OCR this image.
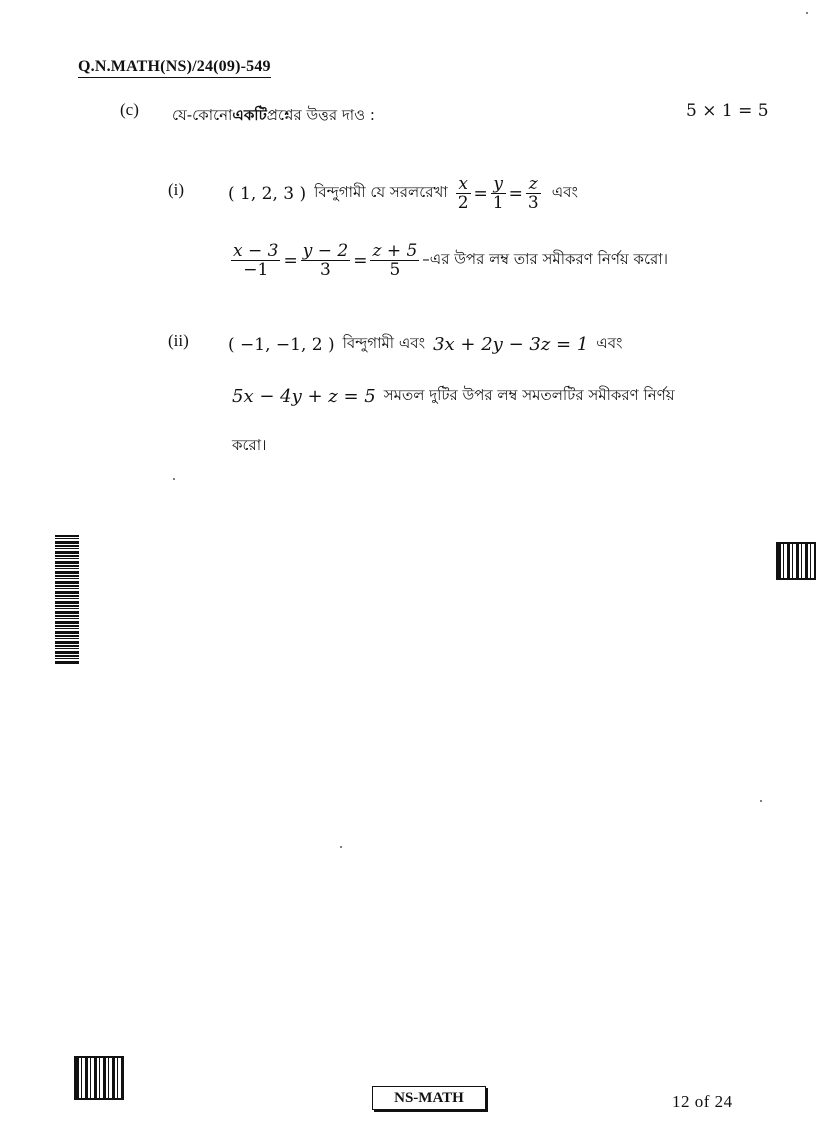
Q.N.MATH(NS)/24(09)-549
(c) যে-কোনো একটি প্রশ্নের উত্তর দাও :	5 × 1 = 5
(i)	( 1, 2, 3 ) বিন্দুগামী যে সরলরেখা $\frac{x}{2} = \frac{y}{1} = \frac{z}{3}$ এবং
$\frac{x - 3}{-1} = \frac{y - 2}{3} = \frac{z + 5}{5}$ –এর উপর লম্ব তার সমীকরণ নির্ণয় করো।
(ii) ( −1, −1, 2 ) বিন্দুগামী এবং 3x + 2y − 3z = 1 এবং
5x − 4y + z = 5 সমতল দুটির উপর লম্ব সমতলটির সমীকরণ নির্ণয়
করো।
NS-MATH	12 of 24
